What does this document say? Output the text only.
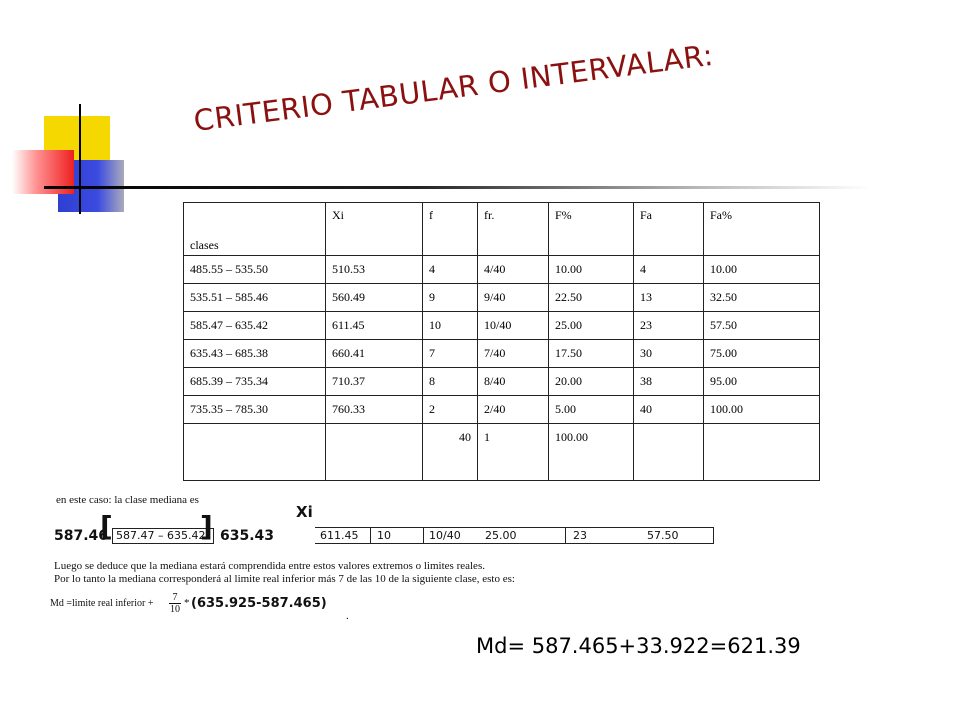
CRITERIO TABULAR O INTERVALAR:
clases	Xi	f	fr.	F%	Fa	Fa%
485.55 – 535.50	510.53	4	4/40	10.00	4	10.00
535.51 – 585.46	560.49	9	9/40	22.50	13	32.50
585.47 – 635.42	611.45	10	10/40	25.00	23	57.50
635.43 – 685.38	660.41	7	7/40	17.50	30	75.00
685.39 – 735.34	710.37	8	8/40	20.00	38	95.00
735.35 – 785.30	760.33	2	2/40	5.00	40	100.00
		40	1	100.00		
en este caso: la clase mediana es
Xi
587.46
[ 587.47 – 635.42
] 635.43	611.45 10	10/40 25.00	23	57.50
Luego se deduce que la mediana estará comprendida entre estos valores extremos o limites reales.
Por lo tanto la mediana corresponderá al limite real inferior más 7 de las 10 de la siguiente clase, esto es:
Md =limite real inferior + $\frac{7}{10} * (635.925-587.465)$
.
Md= 587.465+33.922=621.39
